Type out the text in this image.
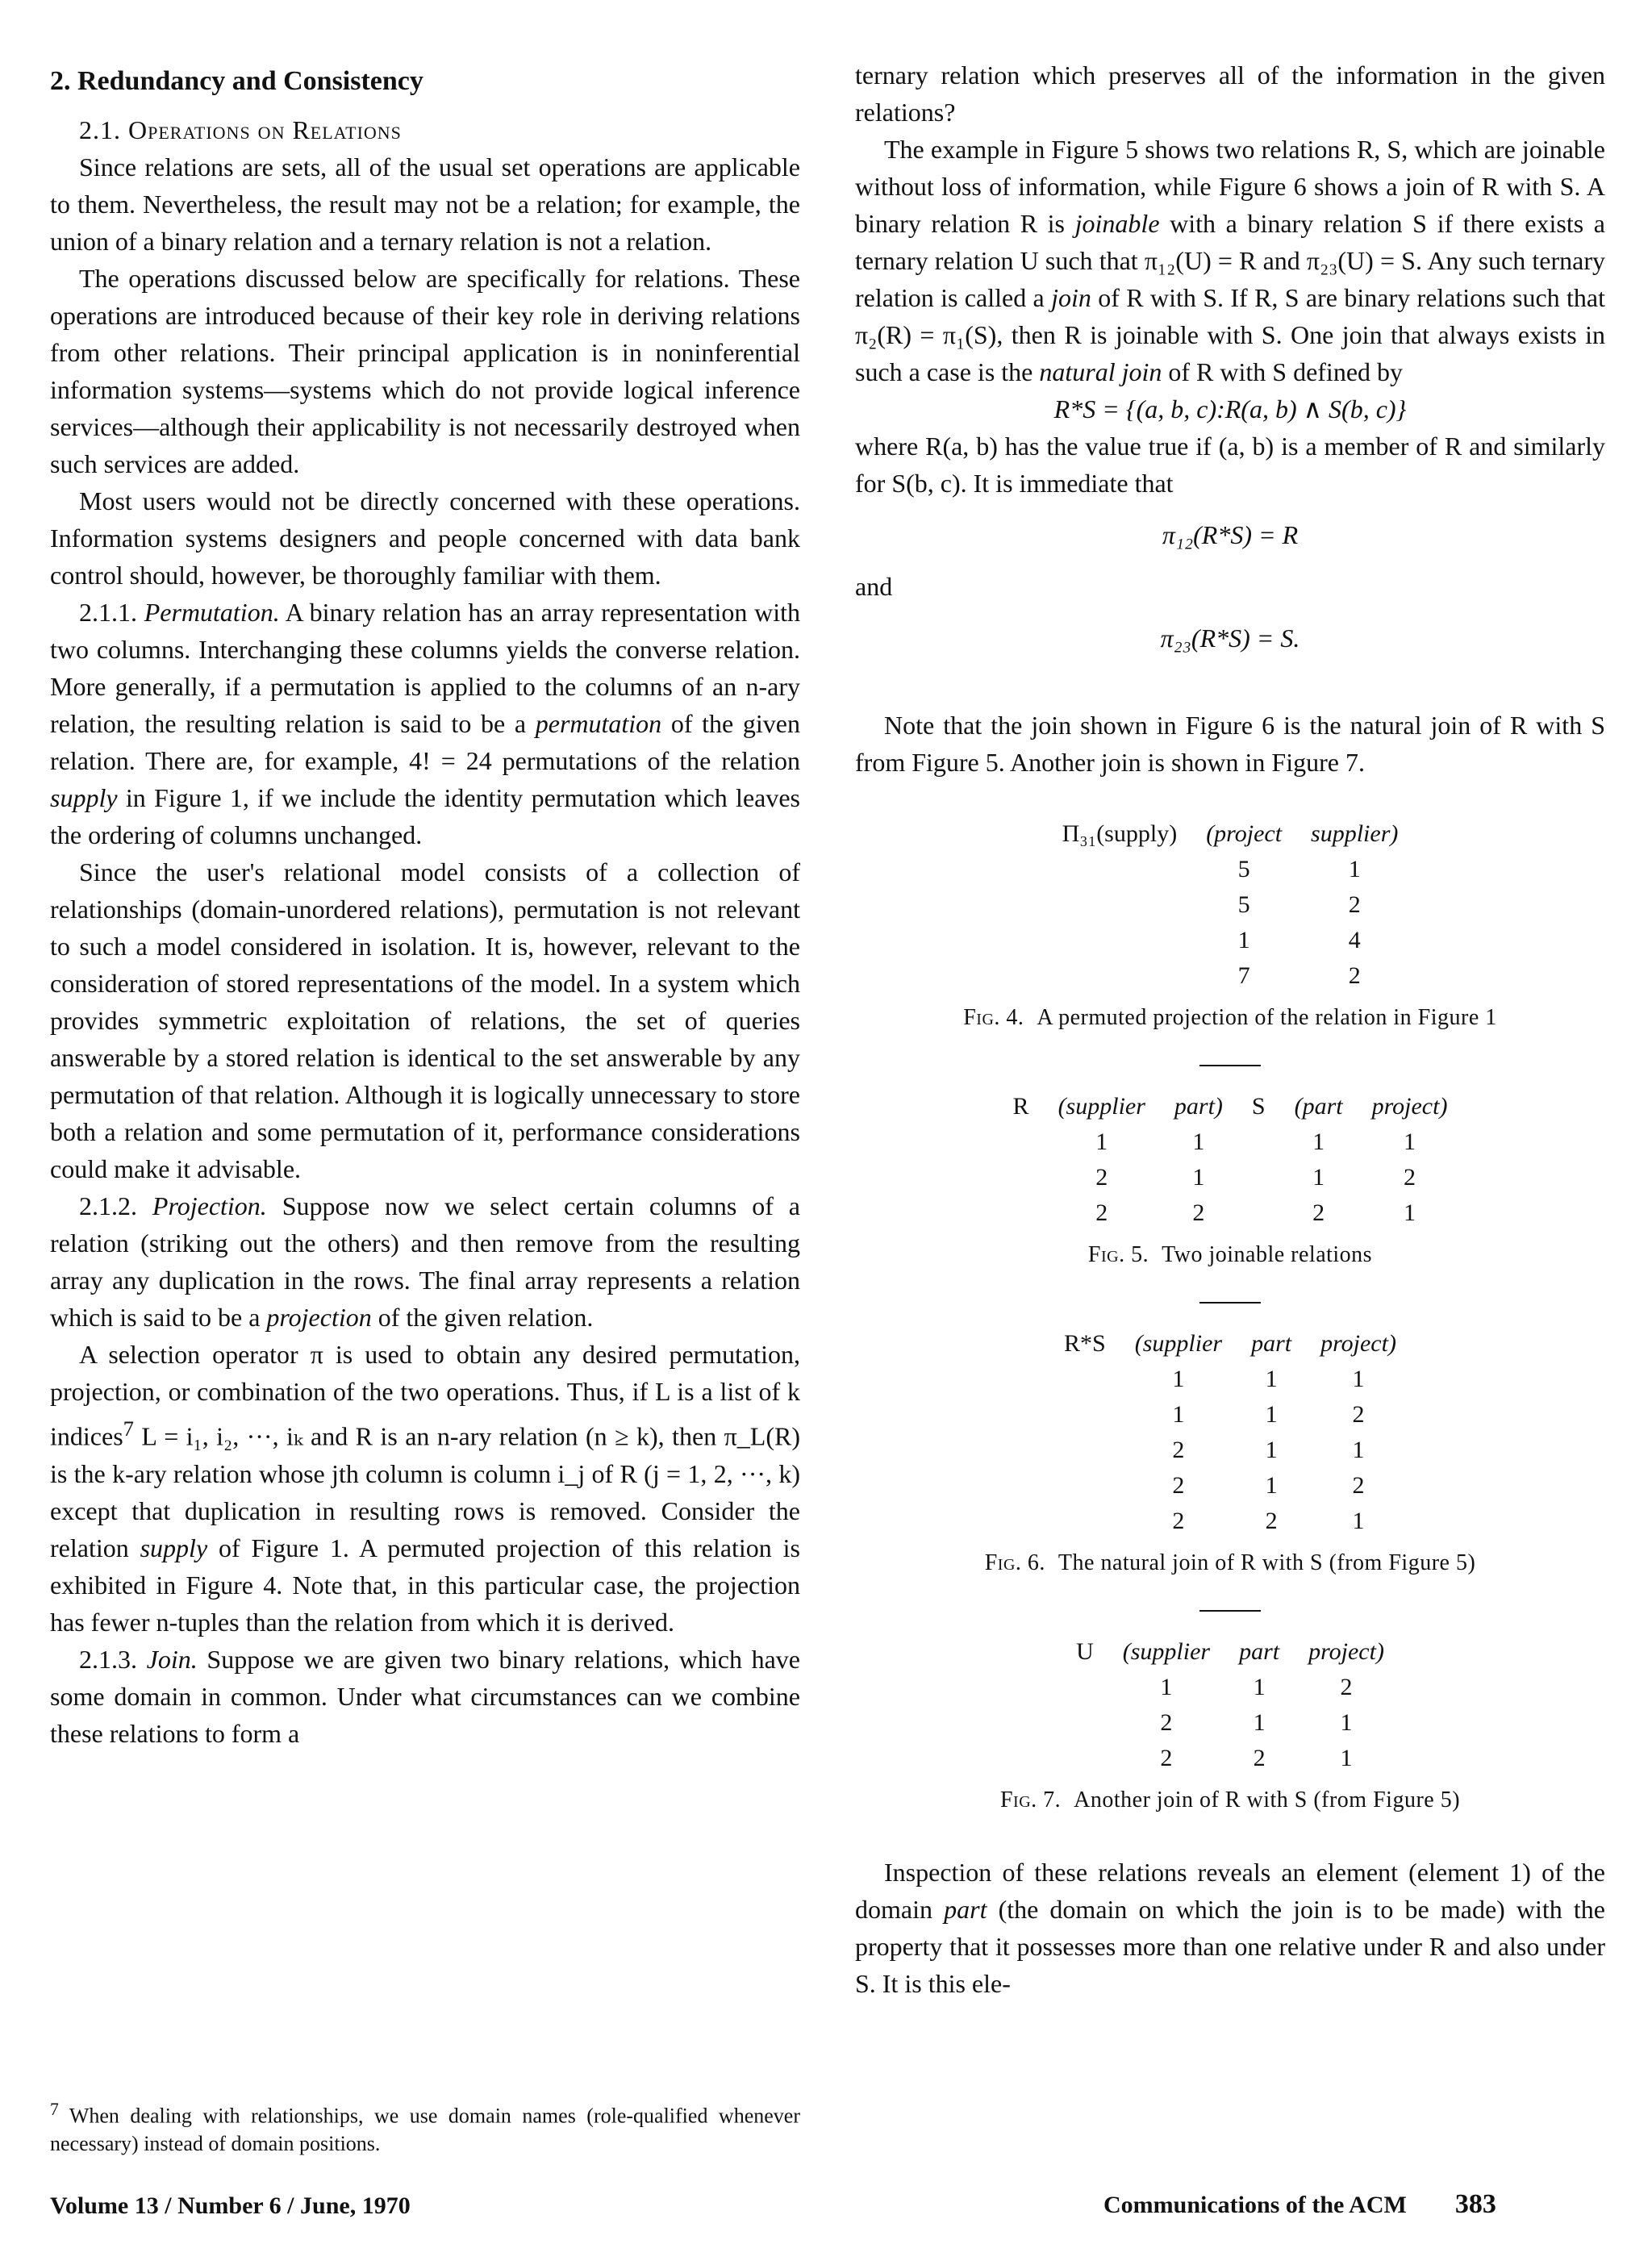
2. Redundancy and Consistency
2.1. Operations on Relations

Since relations are sets, all of the usual set operations are applicable to them. Nevertheless, the result may not be a relation; for example, the union of a binary relation and a ternary relation is not a relation.

The operations discussed below are specifically for relations. These operations are introduced because of their key role in deriving relations from other relations. Their principal application is in noninferential information systems—systems which do not provide logical inference services—although their applicability is not necessarily destroyed when such services are added.

Most users would not be directly concerned with these operations. Information systems designers and people concerned with data bank control should, however, be thoroughly familiar with them.

2.1.1. Permutation. A binary relation has an array representation with two columns. Interchanging these columns yields the converse relation. More generally, if a permutation is applied to the columns of an n-ary relation, the resulting relation is said to be a permutation of the given relation. There are, for example, 4! = 24 permutations of the relation supply in Figure 1, if we include the identity permutation which leaves the ordering of columns unchanged.

Since the user's relational model consists of a collection of relationships (domain-unordered relations), permutation is not relevant to such a model considered in isolation. It is, however, relevant to the consideration of stored representations of the model. In a system which provides symmetric exploitation of relations, the set of queries answerable by a stored relation is identical to the set answerable by any permutation of that relation. Although it is logically unnecessary to store both a relation and some permutation of it, performance considerations could make it advisable.

2.1.2. Projection. Suppose now we select certain columns of a relation (striking out the others) and then remove from the resulting array any duplication in the rows. The final array represents a relation which is said to be a projection of the given relation.

A selection operator π is used to obtain any desired permutation, projection, or combination of the two operations. Thus, if L is a list of k indices$^7$ L = i₁, i₂, ···, iₖ and R is an n-ary relation (n ≥ k), then π_L(R) is the k-ary relation whose jth column is column i_j of R (j = 1, 2, ···, k) except that duplication in resulting rows is removed. Consider the relation supply of Figure 1. A permuted projection of this relation is exhibited in Figure 4. Note that, in this particular case, the projection has fewer n-tuples than the relation from which it is derived.

2.1.3. Join. Suppose we are given two binary relations, which have some domain in common. Under what circumstances can we combine these relations to form a

$^7$ When dealing with relationships, we use domain names (role-qualified whenever necessary) instead of domain positions.

ternary relation which preserves all of the information in the given relations?

The example in Figure 5 shows two relations R, S, which are joinable without loss of information, while Figure 6 shows a join of R with S. A binary relation R is joinable with a binary relation S if there exists a ternary relation U such that π₁₂(U) = R and π₂₃(U) = S. Any such ternary relation is called a join of R with S. If R, S are binary relations such that π₂(R) = π₁(S), then R is joinable with S. One join that always exists in such a case is the natural join of R with S defined by

R*S = {(a, b, c):R(a, b) ∧ S(b, c)}

where R(a, b) has the value true if (a, b) is a member of R and similarly for S(b, c). It is immediate that

π₁₂(R*S) = R

and

π₂₃(R*S) = S.

Note that the join shown in Figure 6 is the natural join of R with S from Figure 5. Another join is shown in Figure 7.

Π₃₁(supply)	(project	supplier)
	5	1
	5	2
	1	4
	7	2
Fig. 4. A permuted projection of the relation in Figure 1
R	(supplier	part)	S	(part	project)
	1	1		1	1
	2	1		1	2
	2	2		2	1
Fig. 5. Two joinable relations
R*S	(supplier	part	project)
	1	1	1
	1	1	2
	2	1	1
	2	1	2
	2	2	1
Fig. 6. The natural join of R with S (from Figure 5)
U	(supplier	part	project)
	1	1	2
	2	1	1
	2	2	1
Fig. 7. Another join of R with S (from Figure 5)

Inspection of these relations reveals an element (element 1) of the domain part (the domain on which the join is to be made) with the property that it possesses more than one relative under R and also under S. It is this ele-

Volume 13 / Number 6 / June, 1970	Communications of the ACM 383
